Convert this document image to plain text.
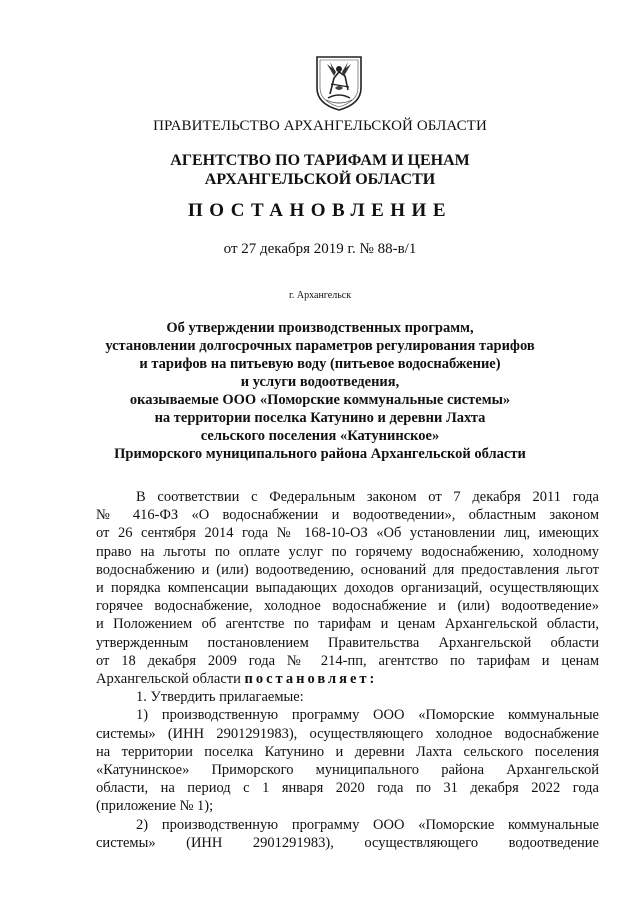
ПРАВИТЕЛЬСТВО АРХАНГЕЛЬСКОЙ ОБЛАСТИ
АГЕНТСТВО ПО ТАРИФАМ И ЦЕНАМ
АРХАНГЕЛЬСКОЙ ОБЛАСТИ
ПОСТАНОВЛЕНИЕ
от 27 декабря 2019 г. № 88-в/1
г. Архангельск
Об утверждении производственных программ,
установлении долгосрочных параметров регулирования тарифов
и тарифов на питьевую воду (питьевое водоснабжение)
и услуги водоотведения,
оказываемые ООО «Поморские коммунальные системы»
на территории поселка Катунино и деревни Лахта
сельского поселения «Катунинское»
Приморского муниципального района Архангельской области
В соответствии с Федеральным законом от 7 декабря 2011 года
№ 416-ФЗ «О водоснабжении и водоотведении», областным законом
от 26 сентября 2014 года № 168-10-ОЗ «Об установлении лиц, имеющих
право на льготы по оплате услуг по горячему водоснабжению, холодному
водоснабжению и (или) водоотведению, оснований для предоставления льгот
и порядка компенсации выпадающих доходов организаций, осуществляющих
горячее водоснабжение, холодное водоснабжение и (или) водоотведение»
и Положением об агентстве по тарифам и ценам Архангельской области,
утвержденным постановлением Правительства Архангельской области
от 18 декабря 2009 года № 214-пп, агентство по тарифам и ценам
Архангельской области постановляет:
1. Утвердить прилагаемые:
1) производственную программу ООО «Поморские коммунальные
системы» (ИНН 2901291983), осуществляющего холодное водоснабжение
на территории поселка Катунино и деревни Лахта сельского поселения
«Катунинское» Приморского муниципального района Архангельской
области, на период с 1 января 2020 года по 31 декабря 2022 года
(приложение № 1);
2) производственную программу ООО «Поморские коммунальные
системы» (ИНН 2901291983), осуществляющего водоотведение
